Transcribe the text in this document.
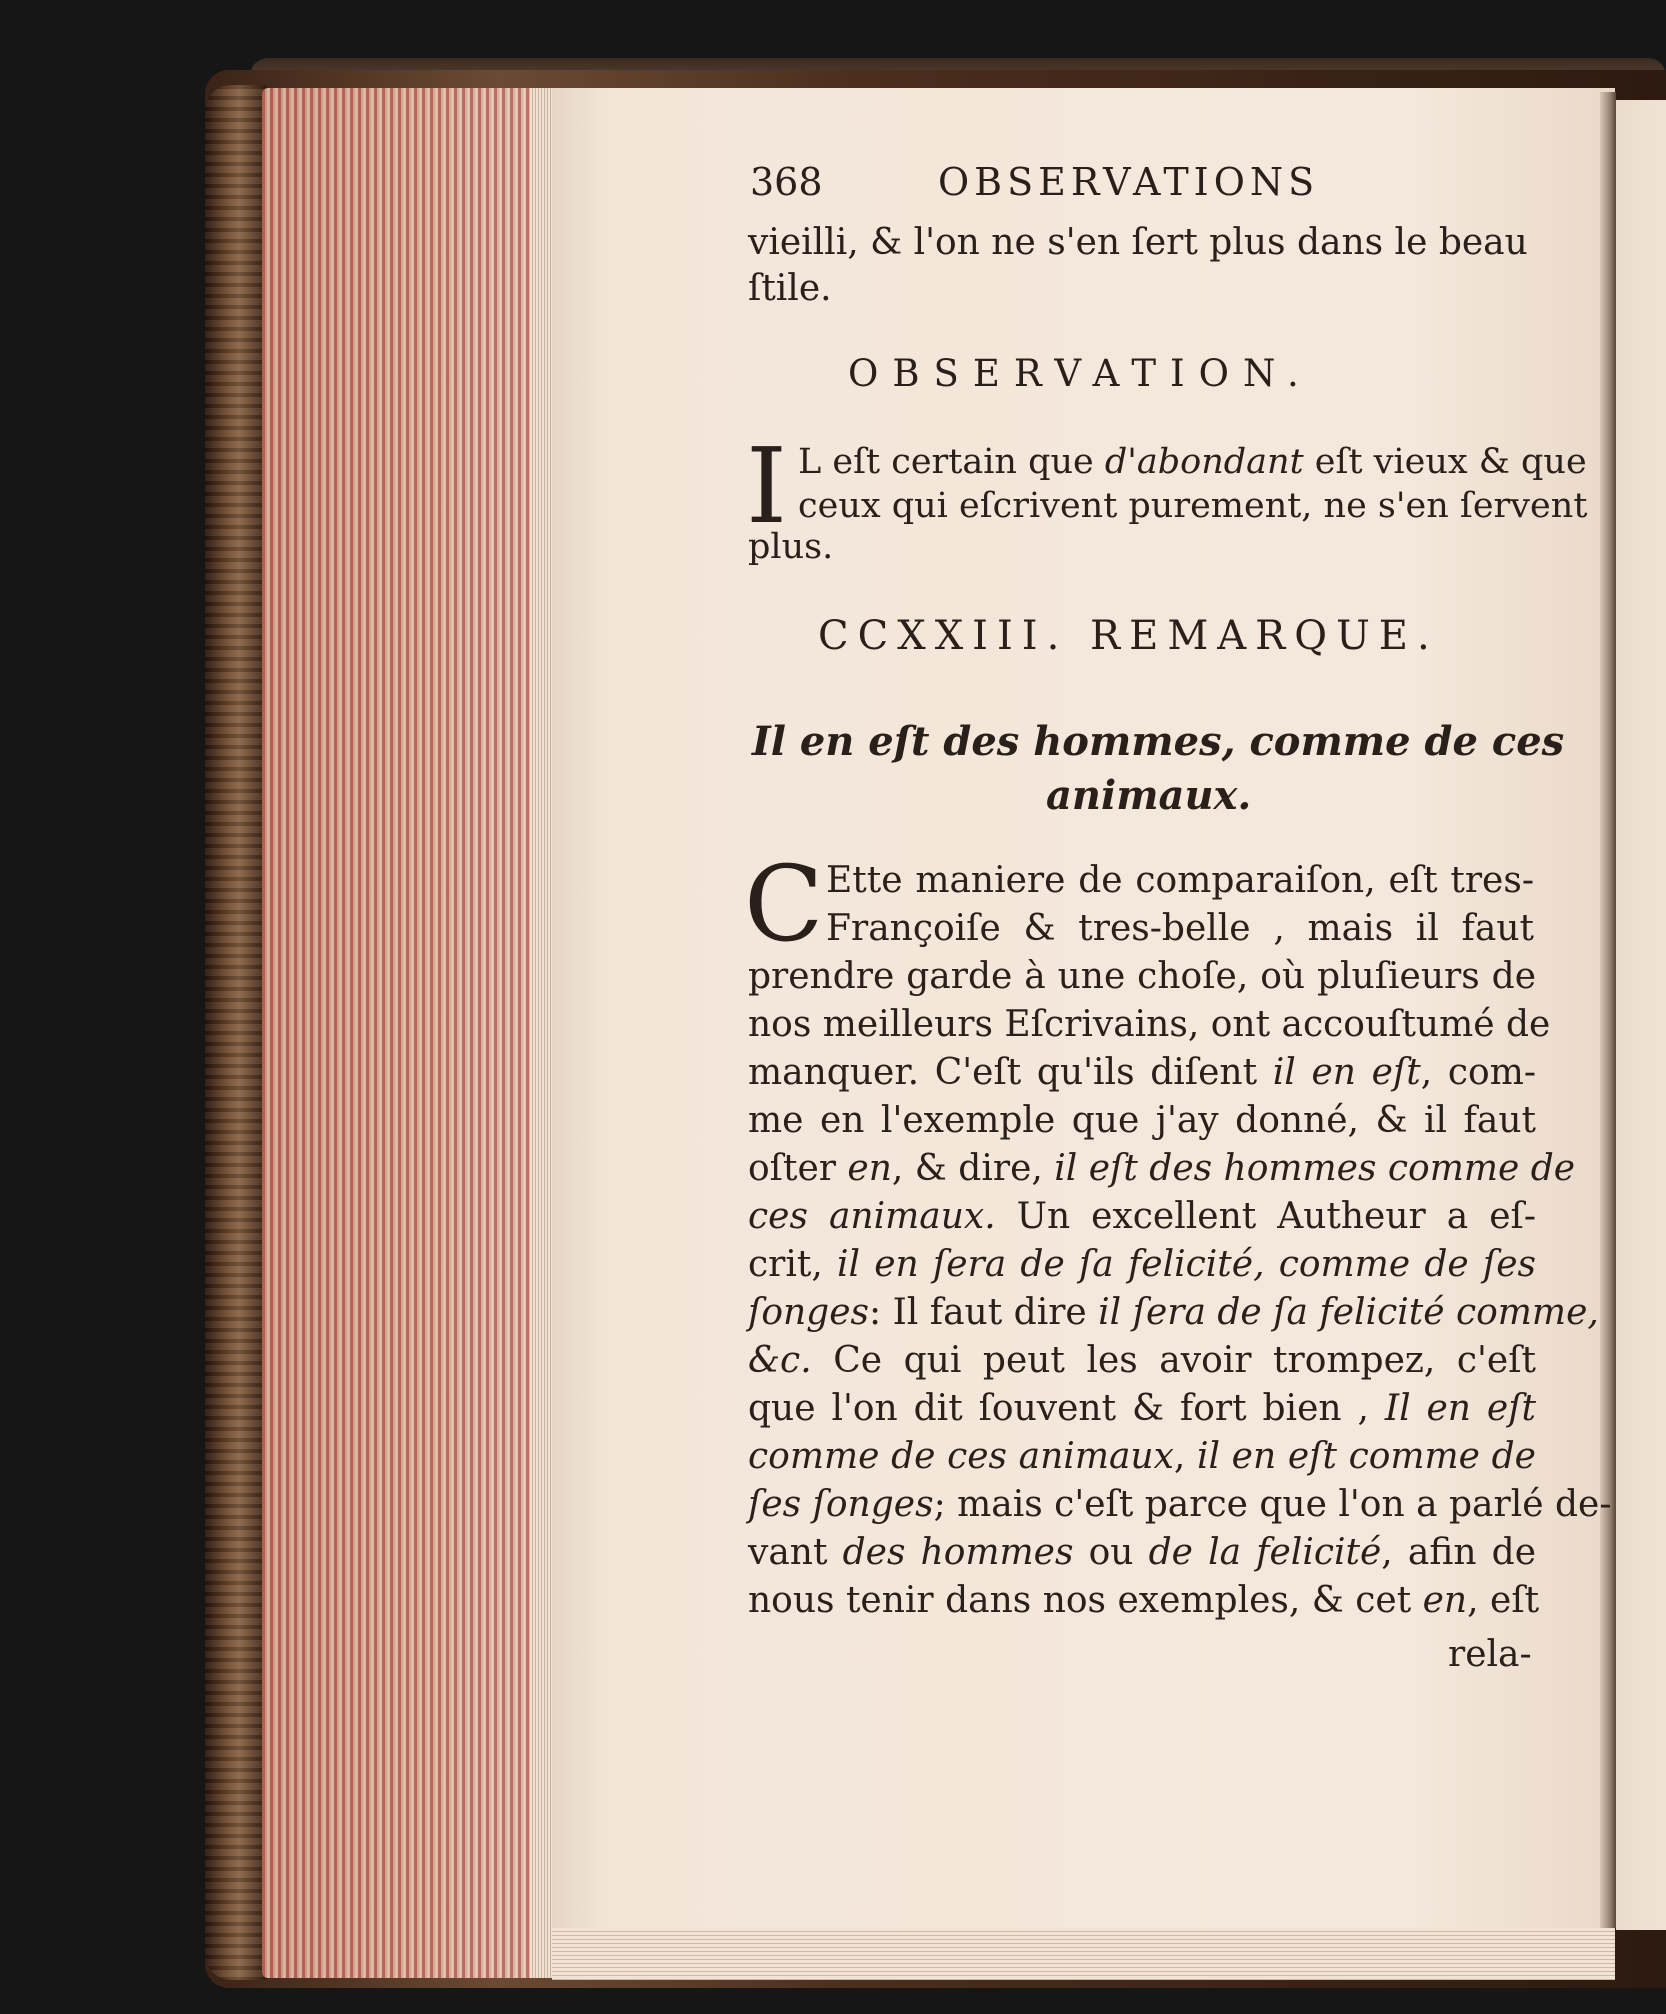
368	OBSERVATIONS
vieilli, & l'on ne s'en ſert plus dans le beau
ſtile.
OBSERVATION.
I L eſt certain que d'abondant eſt vieux & que
ceux qui eſcrivent purement, ne s'en ſervent
plus.
CCXXIII. REMARQUE.
Il en eſt des hommes, comme de ces
animaux.
C Ette maniere de comparaiſon, eſt tres-
Françoiſe & tres-belle , mais il faut
prendre garde à une choſe, où pluſieurs de
nos meilleurs Eſcrivains, ont accouſtumé de
manquer. C'eſt qu'ils diſent il en eſt, com-
me en l'exemple que j'ay donné, & il faut
oſter en, & dire, il eſt des hommes comme de
ces animaux. Un excellent Autheur a eſ-
crit, il en ſera de ſa felicité, comme de ſes
ſonges: Il faut dire il ſera de ſa felicité comme,
&c. Ce qui peut les avoir trompez, c'eſt
que l'on dit ſouvent & fort bien , Il en eſt
comme de ces animaux, il en eſt comme de
ſes ſonges; mais c'eſt parce que l'on a parlé de-
vant des hommes ou de la felicité, afin de
nous tenir dans nos exemples, & cet en, eſt
rela-
